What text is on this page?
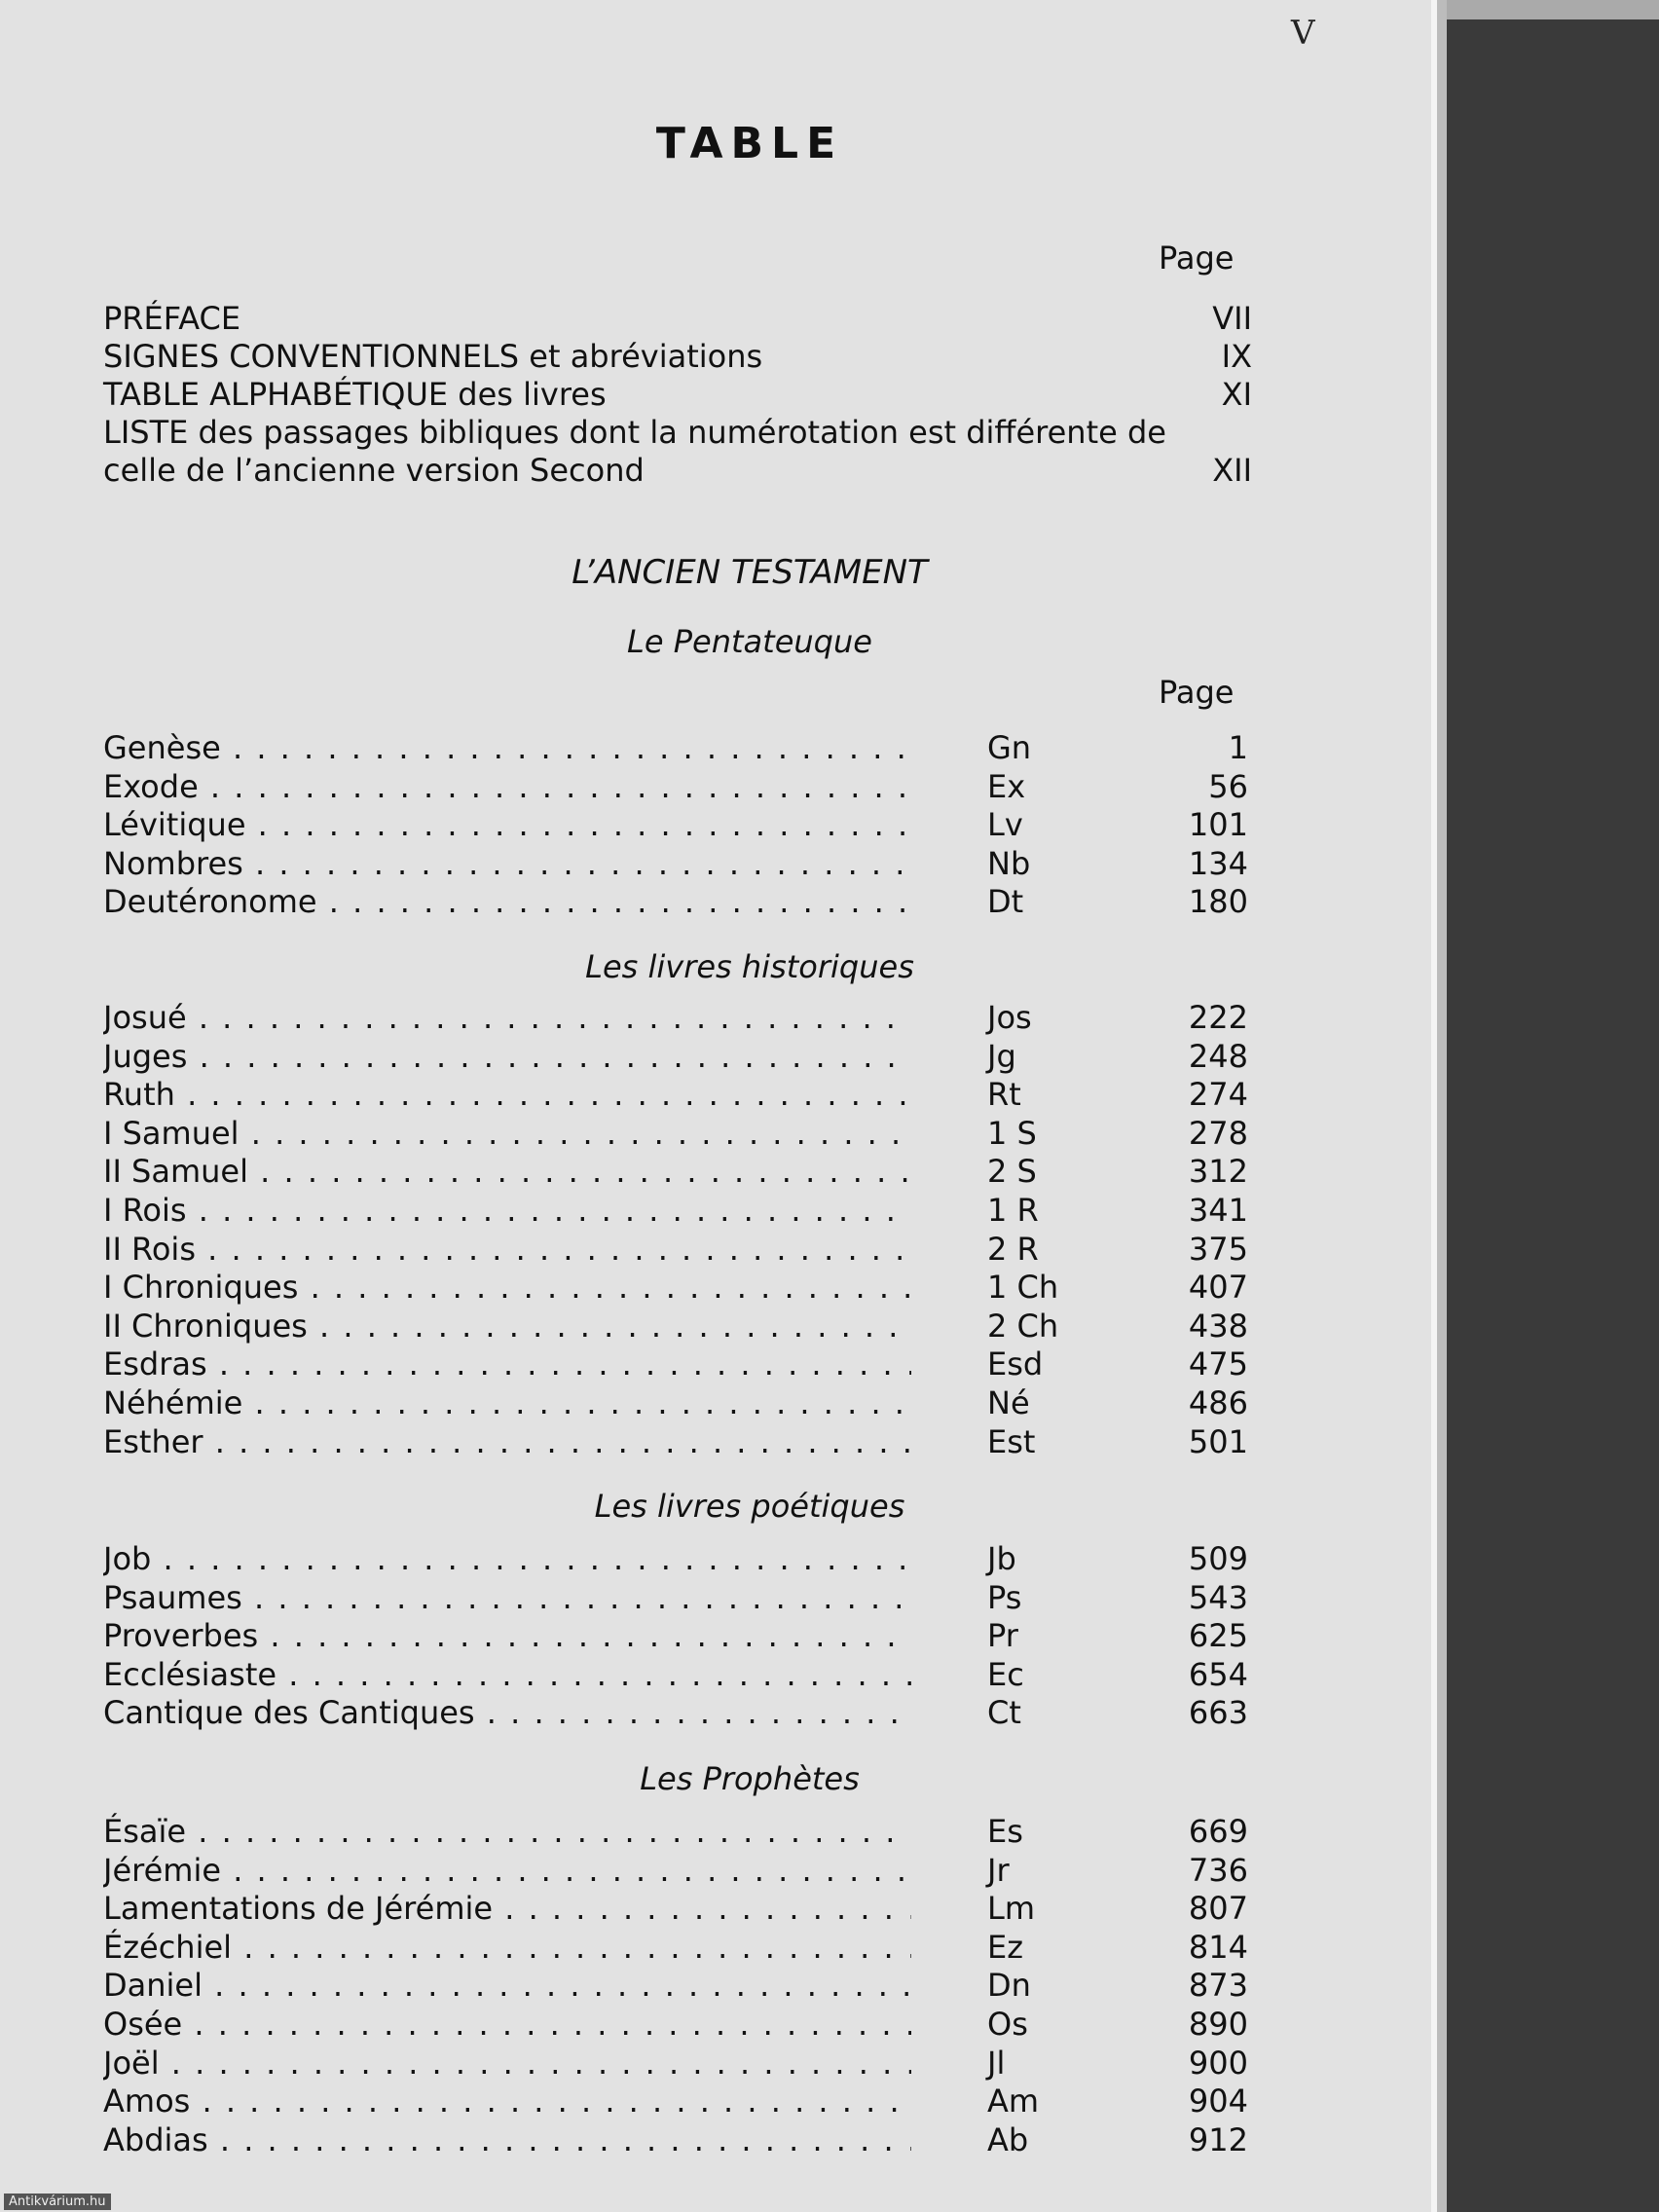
V
TABLE
Page
PRÉFACE	VII
SIGNES CONVENTIONNELS et abréviations	IX
TABLE ALPHABÉTIQUE des livres	XI
LISTE des passages bibliques dont la numérotation est différente de
celle de l’ancienne version Second	XII
L’ANCIEN TESTAMENT
Le Pentateuque
Page
Genèse . . .	Gn	1
Exode . . .	Ex	56
Lévitique . . .	Lv	101
Nombres . . .	Nb	134
Deutéronome . . .	Dt	180
Les livres historiques
Josué . . .	Jos	222
Juges . . .	Jg	248
Ruth . . .	Rt	274
I Samuel . . .	1 S	278
II Samuel . . .	2 S	312
I Rois . . .	1 R	341
II Rois . . .	2 R	375
I Chroniques . . .	1 Ch	407
II Chroniques . . .	2 Ch	438
Esdras . . .	Esd	475
Néhémie . . .	Né	486
Esther . . .	Est	501
Les livres poétiques
Job . . .	Jb	509
Psaumes . . .	Ps	543
Proverbes . . .	Pr	625
Ecclésiaste . . .	Ec	654
Cantique des Cantiques . . .	Ct	663
Les Prophètes
Ésaïe . . .	Es	669
Jérémie . . .	Jr	736
Lamentations de Jérémie . . .	Lm	807
Ézéchiel . . .	Ez	814
Daniel . . .	Dn	873
Osée . . .	Os	890
Joël . . .	Jl	900
Amos . . .	Am	904
Abdias . . .	Ab	912
Antikvárium.hu
